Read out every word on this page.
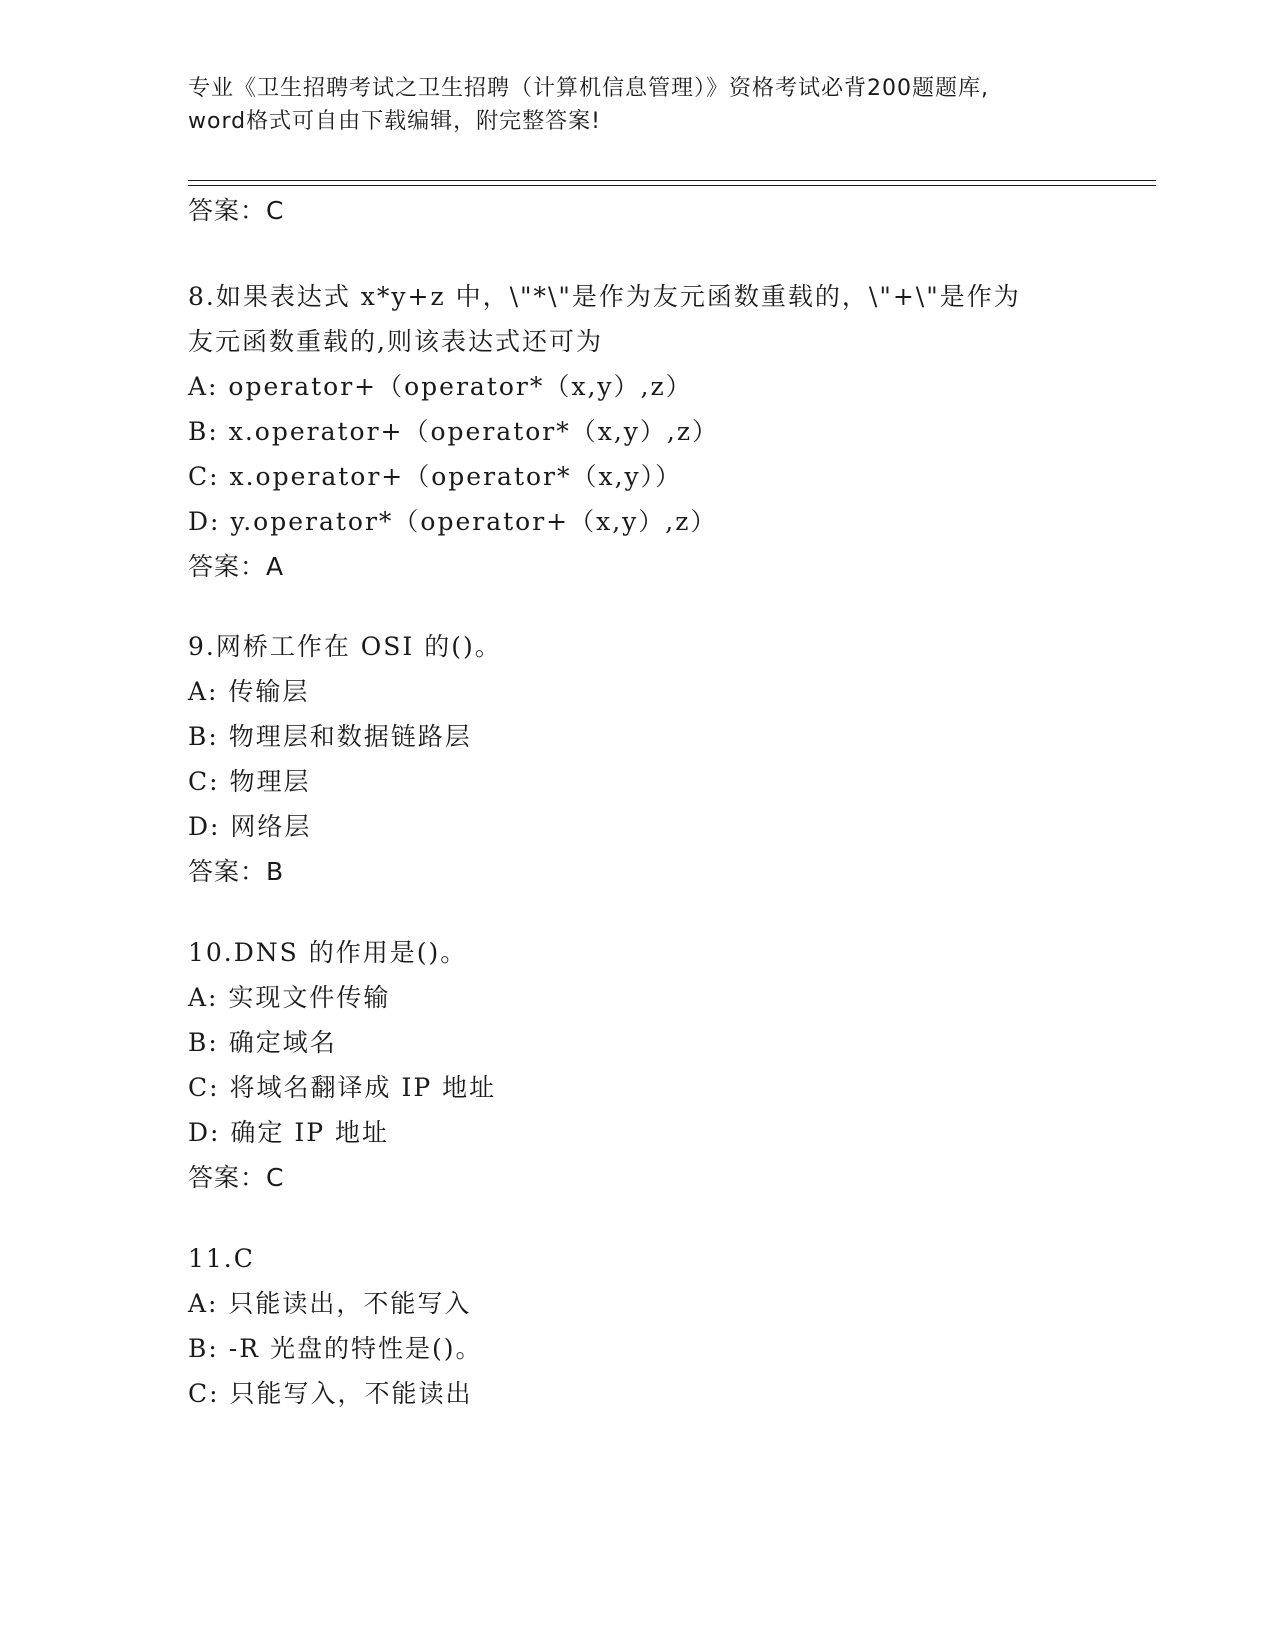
专业《卫生招聘考试之卫生招聘（计算机信息管理）》资格考试必背200题题库,
word格式可自由下载编辑，附完整答案!
答案：C
8.如果表达式 x*y+z 中，\"*\"是作为友元函数重载的，\"+\"是作为
友元函数重载的,则该表达式还可为
A: operator+（operator*（x,y）,z）
B: x.operator+（operator*（x,y）,z）
C: x.operator+（operator*（x,y））
D: y.operator*（operator+（x,y）,z）
答案：A
9.网桥工作在 OSI 的()。
A: 传输层
B: 物理层和数据链路层
C: 物理层
D: 网络层
答案：B
10.DNS 的作用是()。
A: 实现文件传输
B: 确定域名
C: 将域名翻译成 IP 地址
D: 确定 IP 地址
答案：C
11.C
A: 只能读出，不能写入
B: -R 光盘的特性是()。
C: 只能写入，不能读出
